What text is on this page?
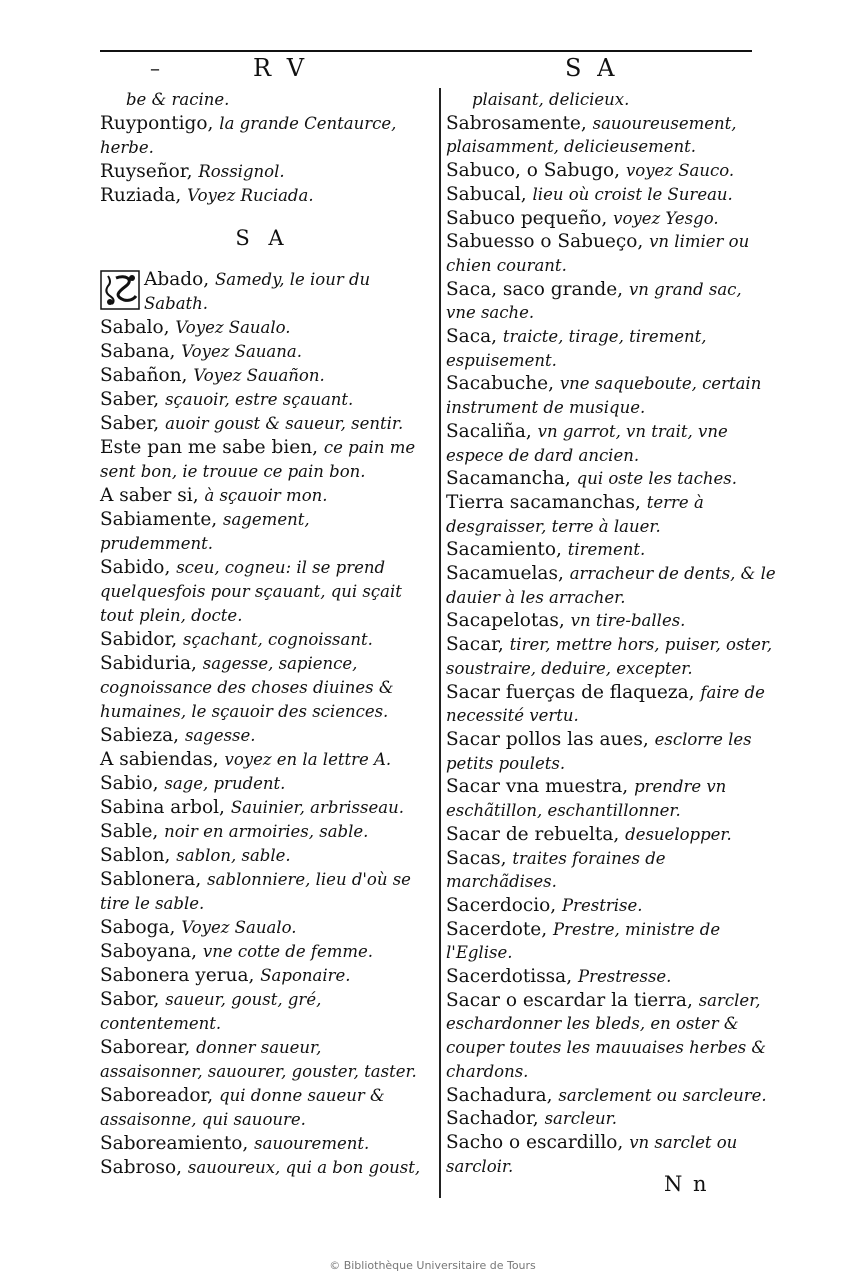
–	R V	S A
be & racine.
Ruypontigo, la grande Centaurce, herbe.
Ruyseñor, Rossignol.
Ruziada, Voyez Ruciada.
S A
Abado, Samedy, le iour du Sabath.
Sabalo, Voyez Saualo.
Sabana, Voyez Sauana.
Sabañon, Voyez Sauañon.
Saber, sçauoir, estre sçauant.
Saber, auoir goust & saueur, sentir.
Este pan me sabe bien, ce pain me sent bon, ie trouue ce pain bon.
A saber si, à sçauoir mon.
Sabiamente, sagement, prudemment.
Sabido, sceu, cogneu: il se prend quelquesfois pour sçauant, qui sçait tout plein, docte.
Sabidor, sçachant, cognoissant.
Sabiduria, sagesse, sapience, cognoissance des choses diuines & humaines, le sçauoir des sciences.
Sabieza, sagesse.
A sabiendas, voyez en la lettre A.
Sabio, sage, prudent.
Sabina arbol, Sauinier, arbrisseau.
Sable, noir en armoiries, sable.
Sablon, sablon, sable.
Sablonera, sablonniere, lieu d'où se tire le sable.
Saboga, Voyez Saualo.
Saboyana, vne cotte de femme.
Sabonera yerua, Saponaire.
Sabor, saueur, goust, gré, contentement.
Saborear, donner saueur, assaisonner, sauourer, gouster, taster.
Saboreador, qui donne saueur & assaisonne, qui sauoure.
Saboreamiento, sauourement.
Sabroso, sauoureux, qui a bon goust,
plaisant, delicieux.
Sabrosamente, sauoureusement, plaisamment, delicieusement.
Sabuco, o Sabugo, voyez Sauco.
Sabucal, lieu où croist le Sureau.
Sabuco pequeño, voyez Yesgo.
Sabuesso o Sabueço, vn limier ou chien courant.
Saca, saco grande, vn grand sac, vne sache.
Saca, traicte, tirage, tirement, espuisement.
Sacabuche, vne saqueboute, certain instrument de musique.
Sacaliña, vn garrot, vn trait, vne espece de dard ancien.
Sacamancha, qui oste les taches.
Tierra sacamanchas, terre à desgraisser, terre à lauer.
Sacamiento, tirement.
Sacamuelas, arracheur de dents, & le dauier à les arracher.
Sacapelotas, vn tire-balles.
Sacar, tirer, mettre hors, puiser, oster, soustraire, deduire, excepter.
Sacar fuerças de flaqueza, faire de necessité vertu.
Sacar pollos las aues, esclorre les petits poulets.
Sacar vna muestra, prendre vn eschãtillon, eschantillonner.
Sacar de rebuelta, desuelopper.
Sacas, traites foraines de marchãdises.
Sacerdocio, Prestrise.
Sacerdote, Prestre, ministre de l'Eglise.
Sacerdotissa, Prestresse.
Sacar o escardar la tierra, sarcler, eschardonner les bleds, en oster & couper toutes les mauuaises herbes & chardons.
Sachadura, sarclement ou sarcleure.
Sachador, sarcleur.
Sacho o escardillo, vn sarclet ou sarcloir.
N n
© Bibliothèque Universitaire de Tours
